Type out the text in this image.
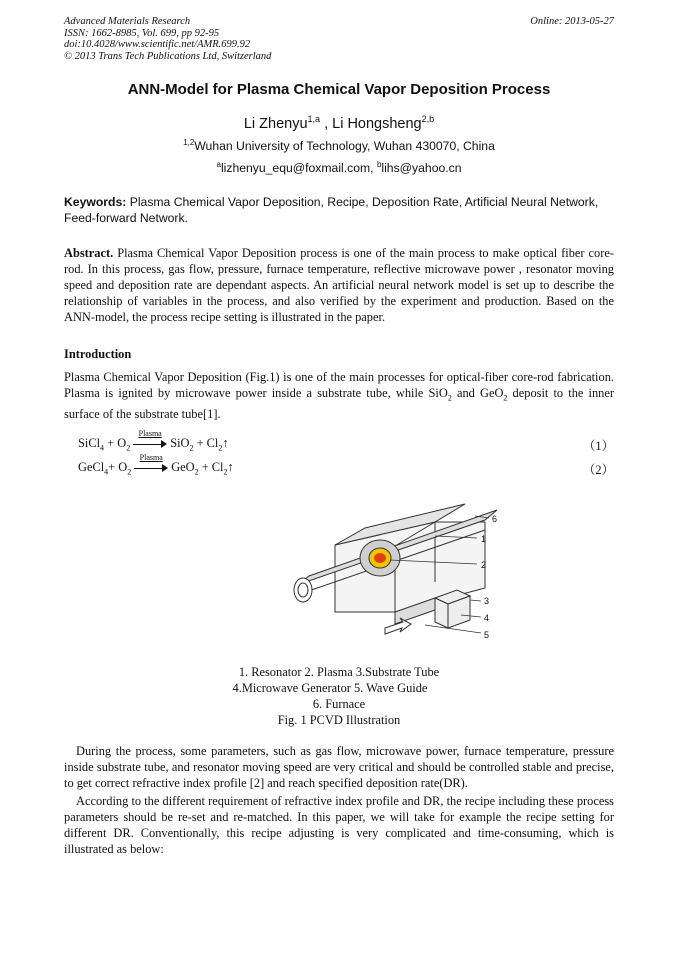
Advanced Materials Research
ISSN: 1662-8985, Vol. 699, pp 92-95
doi:10.4028/www.scientific.net/AMR.699.92
© 2013 Trans Tech Publications Ltd, Switzerland
Online: 2013-05-27
ANN-Model for Plasma Chemical Vapor Deposition Process
Li Zhenyu$^{1,a}$ , Li Hongsheng$^{2,b}$
$^{1,2}$Wuhan University of Technology, Wuhan 430070, China
$^a$lizhenyu_equ@foxmail.com, $^b$lihs@yahoo.cn
Keywords: Plasma Chemical Vapor Deposition, Recipe, Deposition Rate, Artificial Neural Network, Feed-forward Network.
Abstract. Plasma Chemical Vapor Deposition process is one of the main process to make optical fiber core-rod. In this process, gas flow, pressure, furnace temperature, reflective microwave power , resonator moving speed and deposition rate are dependant aspects. An artificial neural network model is set up to describe the relationship of variables in the process, and also verified by the experiment and production. Based on the ANN-model, the process recipe setting is illustrated in the paper.
Introduction
Plasma Chemical Vapor Deposition (Fig.1) is one of the main processes for optical-fiber core-rod fabrication. Plasma is ignited by microwave power inside a substrate tube, while SiO$_2$ and GeO$_2$ deposit to the inner surface of the substrate tube[1].
SiCl$_4$ + $O_2$
Plasma
$SiO_2 + Cl_2↑$	（1）
GeCl$_4$+ $O_2$
Plasma
$GeO_2 + Cl_2↑$	（2）
6
1
2
3
4
5
1. Resonator 2. Plasma 3.Substrate Tube
4.Microwave Generator 5. Wave Guide
6. Furnace
Fig. 1 PCVD Illustration
During the process, some parameters, such as gas flow, microwave power, furnace temperature, pressure inside substrate tube, and resonator moving speed are very critical and should be controlled stable and precise, to get correct refractive index profile [2] and reach specified deposition rate(DR).
According to the different requirement of refractive index profile and DR, the recipe including these process parameters should be re-set and re-matched. In this paper, we will take for example the recipe setting for different DR. Conventionally, this recipe adjusting is very complicated and time-consuming, which is illustrated as below:
